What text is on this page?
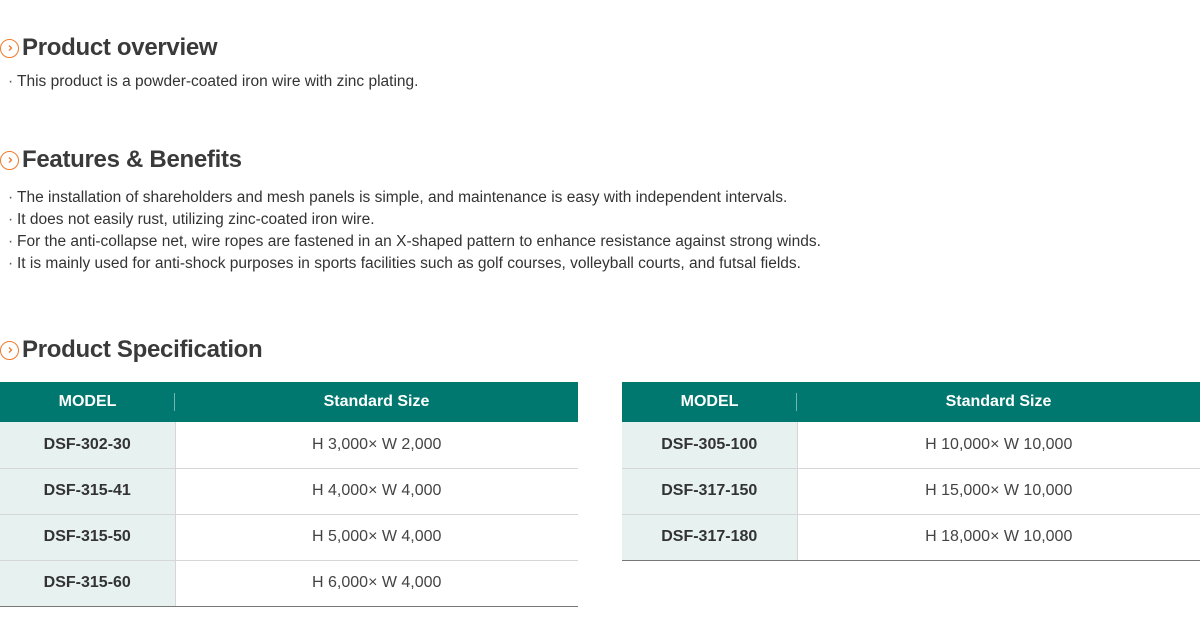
Product overview
· This product is a powder-coated iron wire with zinc plating.
Features & Benefits
· The installation of shareholders and mesh panels is simple, and maintenance is easy with independent intervals.
· It does not easily rust, utilizing zinc-coated iron wire.
· For the anti-collapse net, wire ropes are fastened in an X-shaped pattern to enhance resistance against strong winds.
· It is mainly used for anti-shock purposes in sports facilities such as golf courses, volleyball courts, and futsal fields.
Product Specification
MODEL	Standard Size
DSF-302-30	H 3,000× W 2,000
DSF-315-41	H 4,000× W 4,000
DSF-315-50	H 5,000× W 4,000
DSF-315-60	H 6,000× W 4,000
MODEL	Standard Size
DSF-305-100	H 10,000× W 10,000
DSF-317-150	H 15,000× W 10,000
DSF-317-180	H 18,000× W 10,000
